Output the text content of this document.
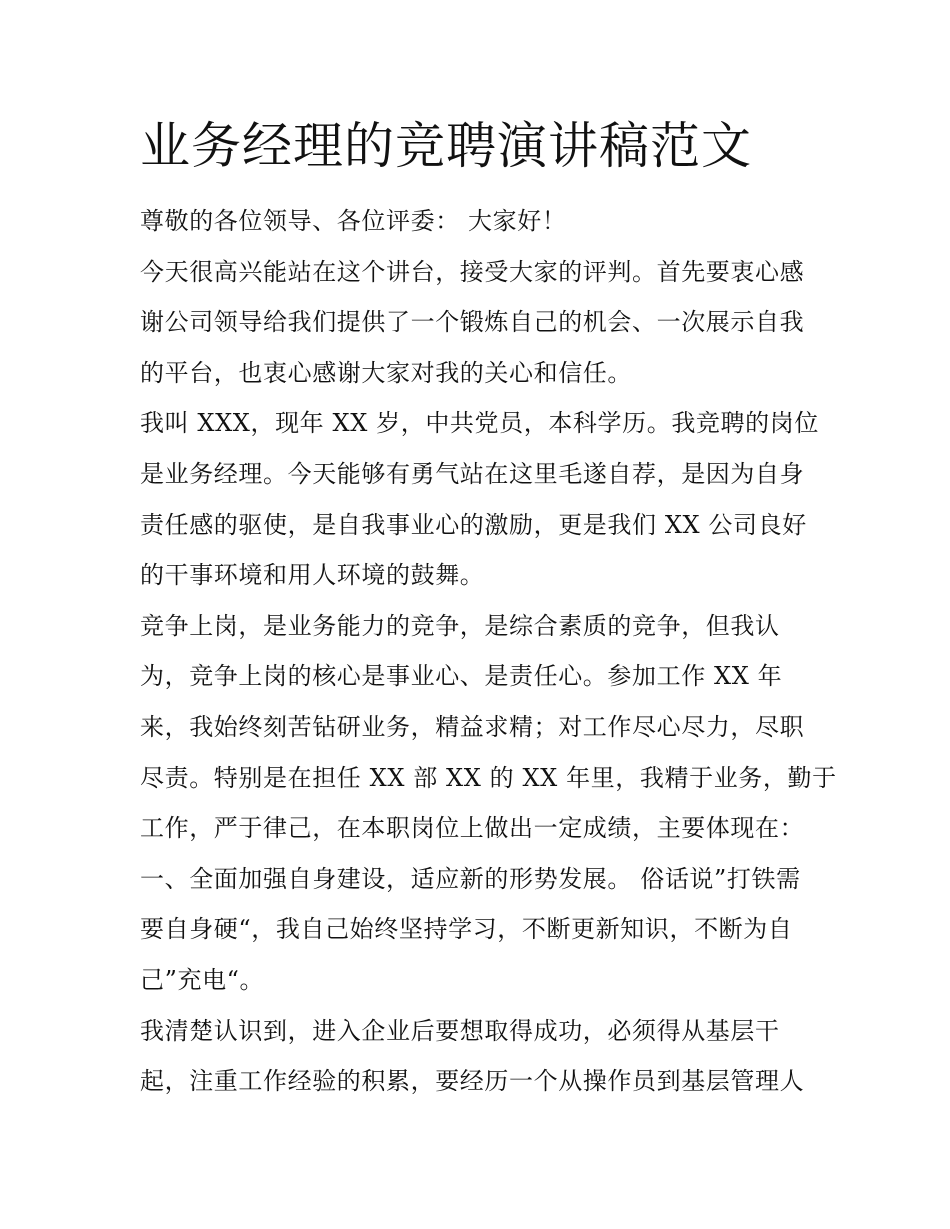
业务经理的竞聘演讲稿范文
尊敬的各位领导、各位评委： 大家好！
今天很高兴能站在这个讲台，接受大家的评判。首先要衷心感
谢公司领导给我们提供了一个锻炼自己的机会、一次展示自我
的平台，也衷心感谢大家对我的关心和信任。
我叫 XXX，现年 XX 岁，中共党员，本科学历。我竞聘的岗位
是业务经理。今天能够有勇气站在这里毛遂自荐，是因为自身
责任感的驱使，是自我事业心的激励，更是我们 XX 公司良好
的干事环境和用人环境的鼓舞。
竞争上岗，是业务能力的竞争，是综合素质的竞争，但我认
为，竞争上岗的核心是事业心、是责任心。参加工作 XX 年
来，我始终刻苦钻研业务，精益求精；对工作尽心尽力，尽职
尽责。特别是在担任 XX 部 XX 的 XX 年里，我精于业务，勤于
工作，严于律己，在本职岗位上做出一定成绩，主要体现在：
一、全面加强自身建设，适应新的形势发展。 俗话说”打铁需
要自身硬“，我自己始终坚持学习，不断更新知识，不断为自
己”充电“。
我清楚认识到，进入企业后要想取得成功，必须得从基层干
起，注重工作经验的积累，要经历一个从操作员到基层管理人
